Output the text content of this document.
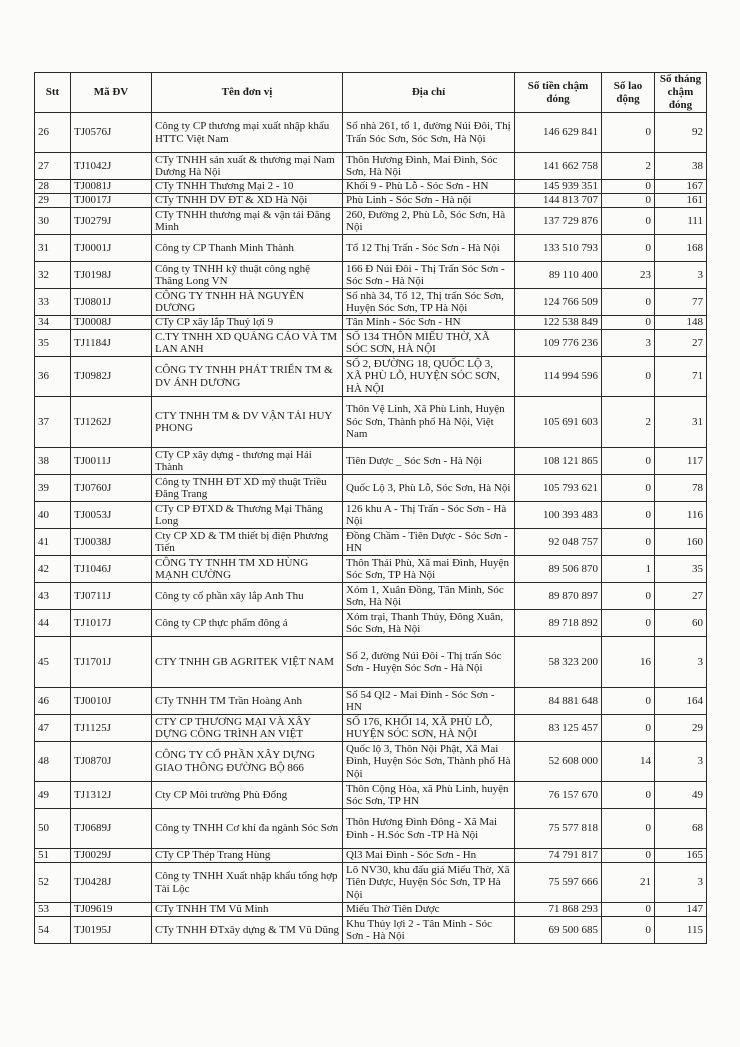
Stt	Mã ĐV	Tên đơn vị	Địa chỉ	Số tiền chậm đóng	Số lao động	Số tháng chậm đóng
26	TJ0576J	Công ty CP thương mại xuất nhập khẩu HTTC Việt Nam	Số nhà 261, tổ 1, đường Núi Đôi, Thị Trấn Sóc Sơn, Sóc Sơn, Hà Nội	146 629 841	0	92
27	TJ1042J	CTy TNHH sản xuất & thương mại Nam Dương Hà Nội	Thôn Hương Đình, Mai Đình, Sóc Sơn, Hà Nội	141 662 758	2	38
28	TJ0081J	CTy TNHH Thương Mại 2 - 10	Khối 9 - Phù Lỗ - Sóc Sơn - HN	145 939 351	0	167
29	TJ0017J	CTy TNHH DV ĐT & XD Hà Nội	Phù Linh - Sóc Sơn - Hà nội	144 813 707	0	161
30	TJ0279J	CTy TNHH thương mại & vận tải Đăng Minh	260, Đường 2, Phù Lỗ, Sóc Sơn, Hà Nội	137 729 876	0	111
31	TJ0001J	Công ty CP Thanh Minh Thành	Tổ 12 Thị Trấn - Sóc Sơn - Hà Nội	133 510 793	0	168
32	TJ0198J	Công ty TNHH kỹ thuật công nghệ Thăng Long VN	166 Đ Núi Đôi - Thị Trấn Sóc Sơn - Sóc Sơn - Hà Nội	89 110 400	23	3
33	TJ0801J	CÔNG TY TNHH HÀ NGUYÊN DƯƠNG	Số nhà 34, Tổ 12, Thị trấn Sóc Sơn, Huyện Sóc Sơn, TP Hà Nội	124 766 509	0	77
34	TJ0008J	CTy CP xây lắp Thuỷ lợi 9	Tân Minh - Sóc Sơn - HN	122 538 849	0	148
35	TJ1184J	C.TY TNHH XD QUẢNG CÁO VÀ TM LAN ANH	SỐ 134 THÔN MIẾU THỜ, XÃ SÓC SƠN, HÀ NỘI	109 776 236	3	27
36	TJ0982J	CÔNG TY TNHH PHÁT TRIỂN TM & DV ÁNH DƯƠNG	SỐ 2, ĐƯỜNG 18, QUỐC LỘ 3, XÃ PHÙ LỖ, HUYỆN SÓC SƠN, HÀ NỘI	114 994 596	0	71
37	TJ1262J	CTY TNHH TM & DV VẬN TẢI HUY PHONG	Thôn Vệ Linh, Xã Phù Linh, Huyện Sóc Sơn, Thành phố Hà Nội, Việt Nam	105 691 603	2	31
38	TJ0011J	CTy CP xây dựng - thương mại Hải Thành	Tiên Dược _ Sóc Sơn - Hà Nội	108 121 865	0	117
39	TJ0760J	Công ty TNHH ĐT XD mỹ thuật Triều Đăng Trang	Quốc Lộ 3, Phù Lỗ, Sóc Sơn, Hà Nội	105 793 621	0	78
40	TJ0053J	CTy CP ĐTXD & Thương Mại Thăng Long	126 khu A - Thị Trấn - Sóc Sơn - Hà Nội	100 393 483	0	116
41	TJ0038J	Cty CP XD & TM thiết bị điện Phương Tiến	Đồng Chầm - Tiên Dược - Sóc Sơn - HN	92 048 757	0	160
42	TJ1046J	CÔNG TY TNHH TM XD HÙNG MẠNH CƯỜNG	Thôn Thái Phù, Xã mai Đình, Huyện Sóc Sơn, TP Hà Nội	89 506 870	1	35
43	TJ0711J	Công ty cổ phần xây lắp Anh Thu	Xóm 1, Xuân Đồng, Tân Minh, Sóc Sơn, Hà Nội	89 870 897	0	27
44	TJ1017J	Công ty CP thực phẩm đông á	Xóm trại, Thanh Thủy, Đông Xuân, Sóc Sơn, Hà Nội	89 718 892	0	60
45	TJ1701J	CTY TNHH GB AGRITEK VIỆT NAM	Số 2, đường Núi Đôi - Thị trấn Sóc Sơn - Huyện Sóc Sơn - Hà Nội	58 323 200	16	3
46	TJ0010J	CTy TNHH TM Trần Hoàng Anh	Số 54 Ql2 - Mai Đình - Sóc Sơn - HN	84 881 648	0	164
47	TJ1125J	CTY CP THƯƠNG MẠI VÀ XÂY DỰNG CÔNG TRÌNH AN VIỆT	SỐ 176, KHỐI 14, XÃ PHÙ LỖ, HUYỆN SÓC SƠN, HÀ NỘI	83 125 457	0	29
48	TJ0870J	CÔNG TY CỔ PHẦN XÂY DỰNG GIAO THÔNG ĐƯỜNG BỘ 866	Quốc lộ 3, Thôn Nội Phật, Xã Mai Đình, Huyện Sóc Sơn, Thành phố Hà Nội	52 608 000	14	3
49	TJ1312J	Cty CP Môi trường Phù Đổng	Thôn Cộng Hòa, xã Phù Linh, huyện Sóc Sơn, TP HN	76 157 670	0	49
50	TJ0689J	Công ty TNHH Cơ khí đa ngành Sóc Sơn	Thôn Hương Đình Đông - Xã Mai Đình - H.Sóc Sơn -TP Hà Nội	75 577 818	0	68
51	TJ0029J	CTy CP Thép Trang Hùng	Ql3 Mai Đình - Sóc Sơn - Hn	74 791 817	0	165
52	TJ0428J	Công ty TNHH Xuất nhập khẩu tổng hợp Tài Lộc	Lô NV30, khu đấu giá Miếu Thờ, Xã Tiên Dược, Huyện Sóc Sơn, TP Hà Nội	75 597 666	21	3
53	TJ09619	CTy TNHH TM Vũ Minh	Miếu Thờ Tiên Dược	71 868 293	0	147
54	TJ0195J	CTy TNHH ĐTxây dựng & TM Vũ Dũng	Khu Thủy lợi 2 - Tân Minh - Sóc Sơn - Hà Nội	69 500 685	0	115
